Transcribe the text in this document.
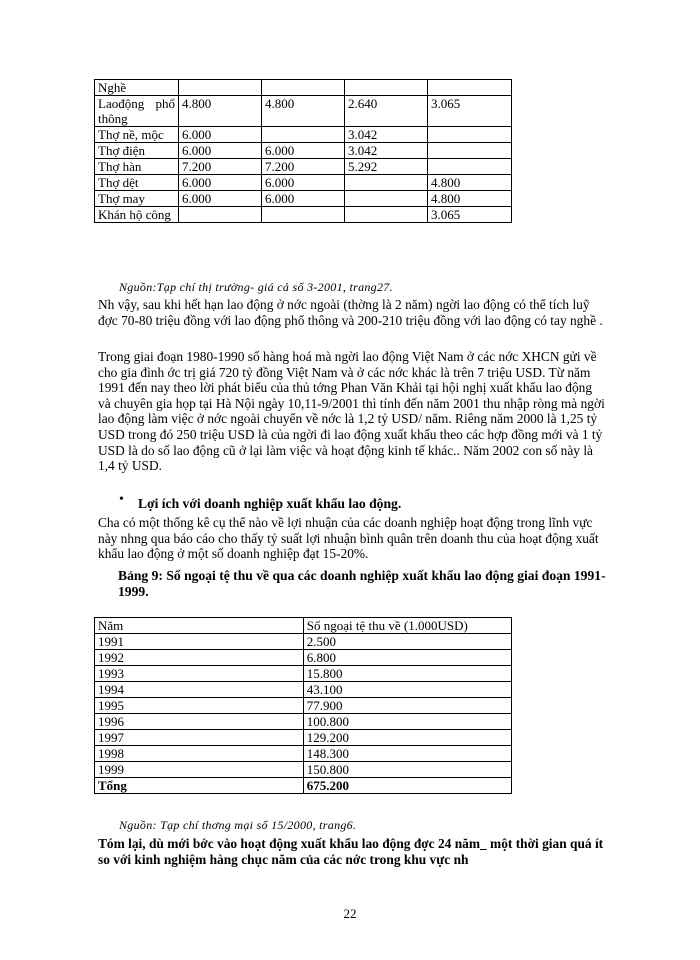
Nghề				
Laođộng phổ thông	4.800	4.800	2.640	3.065
Thợ nề, mộc	6.000		3.042	
Thợ điện	6.000	6.000	3.042	
Thợ hàn	7.200	7.200	5.292	
Thợ dệt	6.000	6.000		4.800
Thợ may	6.000	6.000		4.800
Khán hộ công				3.065
Nguồn:Tạp chí thị trường- giá cả số 3-2001, trang27.

Nh vậy, sau khi hết hạn lao động ở nớc ngoài (thờng là 2 năm) ngời lao động có thể tích luỹ đợc 70-80 triệu đồng với lao động phổ thông và 200-210 triệu đồng với lao động có tay nghề .

Trong giai đoạn 1980-1990 số hàng hoá mà ngời lao động Việt Nam ở các nớc XHCN gửi về cho gia đình ớc trị giá 720 tỷ đồng Việt Nam và ở các nớc khác là trên 7 triệu USD. Từ năm 1991 đến nay theo lời phát biểu của thủ tớng Phan Văn Khải tại hội nghị xuất khẩu lao động và chuyên gia họp tại Hà Nội ngày 10,11-9/2001 thì tính đến năm 2001 thu nhập ròng mà ngời lao động làm việc ở nớc ngoài chuyển về nớc là 1,2 tỷ USD/ năm. Riêng năm 2000 là 1,25 tỷ USD trong đó 250 triệu USD là của ngời đi lao động xuất khẩu theo các hợp đồng mới và 1 tỷ USD là do số lao động cũ ở lại làm việc và hoạt động kinh tế khác.. Năm 2002 con số này là 1,4 tỷ USD.

• Lợi ích với doanh nghiệp xuất khẩu lao động.

Cha có một thống kê cụ thể nào về lợi nhuận của các doanh nghiệp hoạt động trong lĩnh vực này nhng qua báo cáo cho thấy tỷ suất lợi nhuận bình quân trên doanh thu của hoạt động xuất khẩu lao động ở một số doanh nghiệp đạt 15-20%.

Bảng 9: Số ngoại tệ thu về qua các doanh nghiệp xuất khẩu lao động giai đoạn 1991-1999.
Năm	Số ngoại tệ thu về (1.000USD)
1991	2.500
1992	6.800
1993	15.800
1994	43.100
1995	77.900
1996	100.800
1997	129.200
1998	148.300
1999	150.800
Tổng	675.200
Nguồn: Tạp chí thơng mại số 15/2000, trang6.

Tóm lại, dù mới bớc vào hoạt động xuất khẩu lao động đợc 24 năm_ một thời gian quá ít so với kinh nghiệm hàng chục năm của các nớc trong khu vực nh

22
